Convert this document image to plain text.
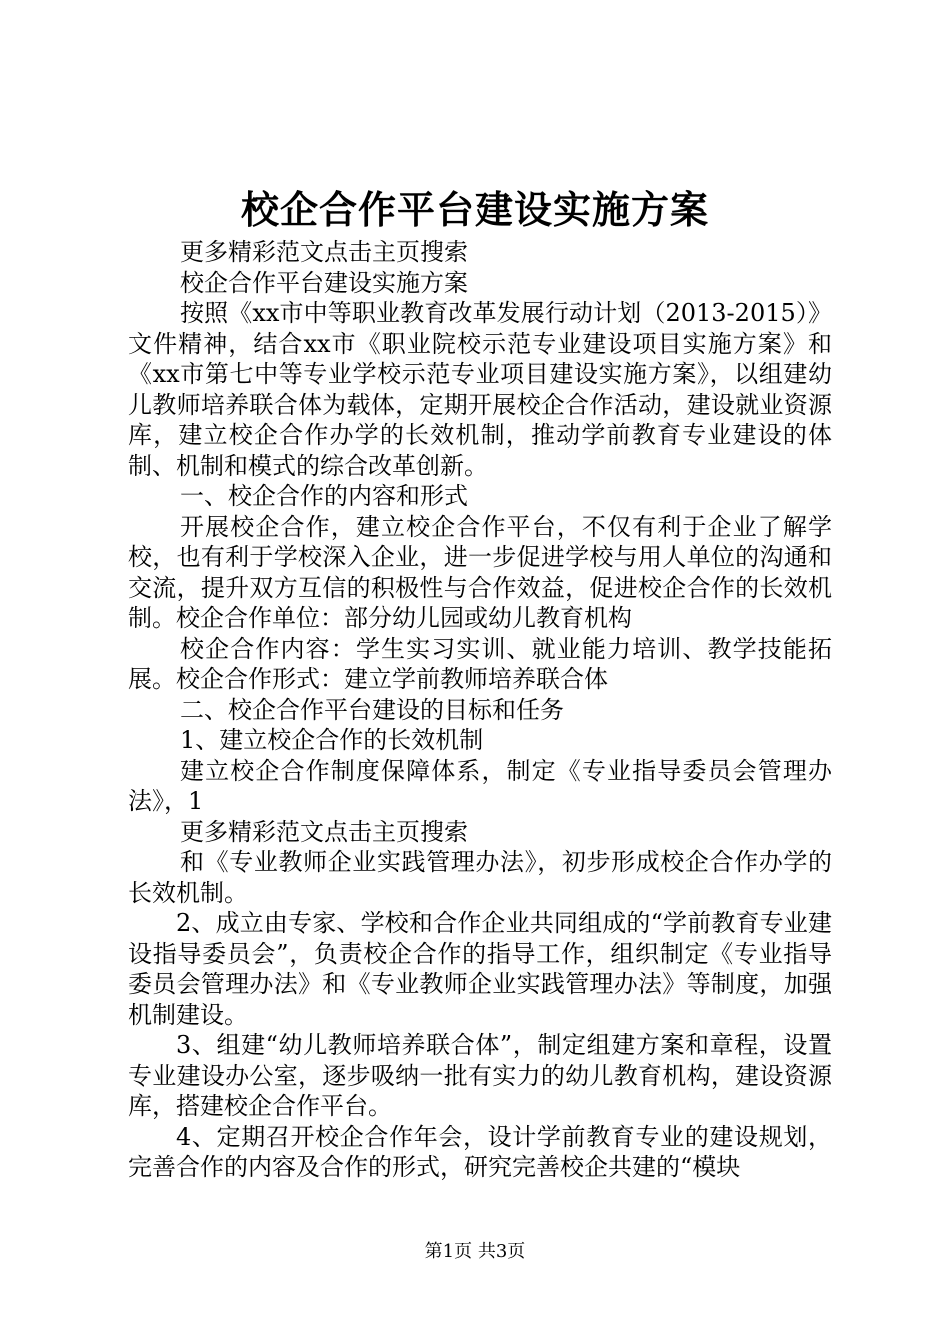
校企合作平台建设实施方案

更多精彩范文点击主页搜索

校企合作平台建设实施方案

按照《xx市中等职业教育改革发展行动计划（2013-2015）》文件精神，结合xx市《职业院校示范专业建设项目实施方案》和《xx市第七中等专业学校示范专业项目建设实施方案》，以组建幼儿教师培养联合体为载体，定期开展校企合作活动，建设就业资源库，建立校企合作办学的长效机制，推动学前教育专业建设的体制、机制和模式的综合改革创新。

一、校企合作的内容和形式

开展校企合作，建立校企合作平台，不仅有利于企业了解学校，也有利于学校深入企业，进一步促进学校与用人单位的沟通和交流，提升双方互信的积极性与合作效益，促进校企合作的长效机制。校企合作单位：部分幼儿园或幼儿教育机构

校企合作内容：学生实习实训、就业能力培训、教学技能拓展。校企合作形式：建立学前教师培养联合体

二、校企合作平台建设的目标和任务

1、建立校企合作的长效机制

建立校企合作制度保障体系，制定《专业指导委员会管理办法》，1

更多精彩范文点击主页搜索

和《专业教师企业实践管理办法》，初步形成校企合作办学的长效机制。

2、成立由专家、学校和合作企业共同组成的“学前教育专业建设指导委员会”，负责校企合作的指导工作，组织制定《专业指导委员会管理办法》和《专业教师企业实践管理办法》等制度，加强机制建设。

3、组建“幼儿教师培养联合体”，制定组建方案和章程，设置专业建设办公室，逐步吸纳一批有实力的幼儿教育机构，建设资源库，搭建校企合作平台。

4、定期召开校企合作年会，设计学前教育专业的建设规划，完善合作的内容及合作的形式，研究完善校企共建的“模块

第1页 共3页
